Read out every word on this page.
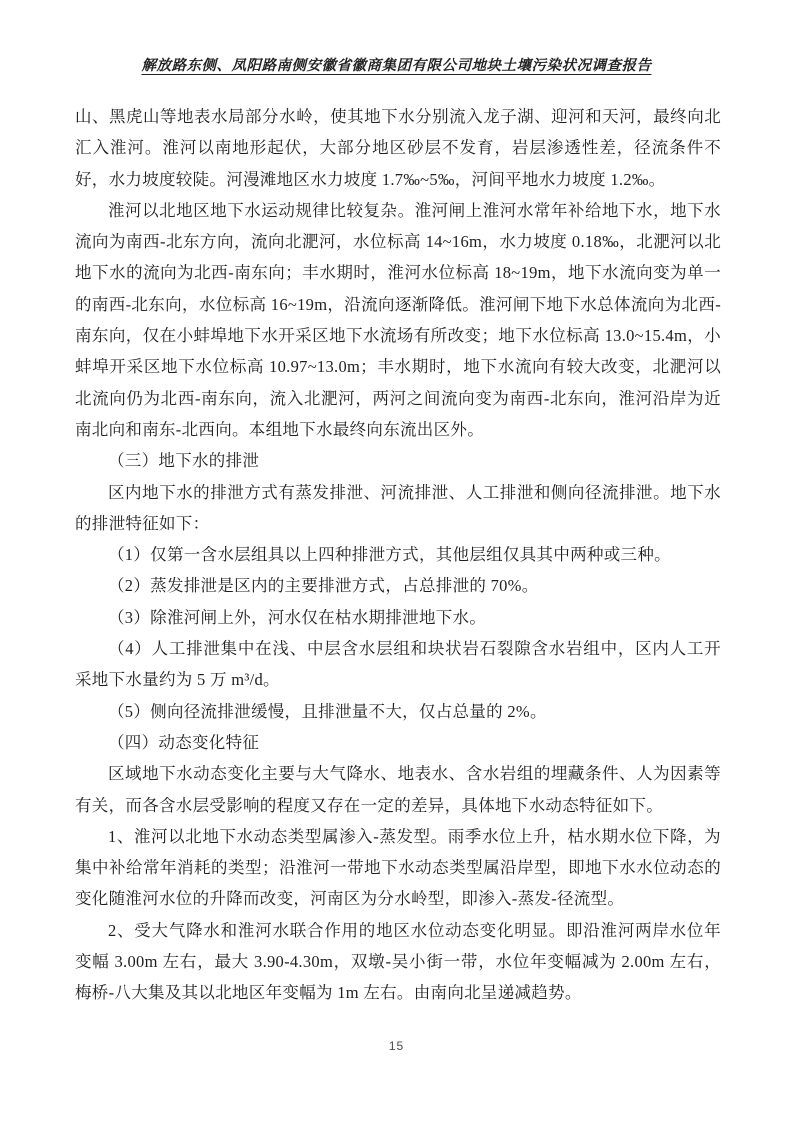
解放路东侧、凤阳路南侧安徽省徽商集团有限公司地块土壤污染状况调查报告

山、黑虎山等地表水局部分水岭，使其地下水分别流入龙子湖、迎河和天河，最终向北汇入淮河。淮河以南地形起伏，大部分地区砂层不发育，岩层渗透性差，径流条件不好，水力坡度较陡。河漫滩地区水力坡度 1.7‰~5‰，河间平地水力坡度 1.2‰。

淮河以北地区地下水运动规律比较复杂。淮河闸上淮河水常年补给地下水，地下水流向为南西-北东方向，流向北淝河，水位标高 14~16m，水力坡度 0.18‰，北淝河以北地下水的流向为北西-南东向；丰水期时，淮河水位标高 18~19m，地下水流向变为单一的南西-北东向，水位标高 16~19m，沿流向逐渐降低。淮河闸下地下水总体流向为北西-南东向，仅在小蚌埠地下水开采区地下水流场有所改变；地下水位标高 13.0~15.4m，小蚌埠开采区地下水位标高 10.97~13.0m；丰水期时，地下水流向有较大改变，北淝河以北流向仍为北西-南东向，流入北淝河，两河之间流向变为南西-北东向，淮河沿岸为近南北向和南东-北西向。本组地下水最终向东流出区外。

（三）地下水的排泄

区内地下水的排泄方式有蒸发排泄、河流排泄、人工排泄和侧向径流排泄。地下水的排泄特征如下：

（1）仅第一含水层组具以上四种排泄方式，其他层组仅具其中两种或三种。

（2）蒸发排泄是区内的主要排泄方式，占总排泄的 70%。

（3）除淮河闸上外，河水仅在枯水期排泄地下水。

（4）人工排泄集中在浅、中层含水层组和块状岩石裂隙含水岩组中，区内人工开采地下水量约为 5 万 m³/d。

（5）侧向径流排泄缓慢，且排泄量不大，仅占总量的 2%。

（四）动态变化特征

区域地下水动态变化主要与大气降水、地表水、含水岩组的埋藏条件、人为因素等有关，而各含水层受影响的程度又存在一定的差异，具体地下水动态特征如下。

1、淮河以北地下水动态类型属渗入-蒸发型。雨季水位上升，枯水期水位下降，为集中补给常年消耗的类型；沿淮河一带地下水动态类型属沿岸型，即地下水水位动态的变化随淮河水位的升降而改变，河南区为分水岭型，即渗入-蒸发-径流型。

2、受大气降水和淮河水联合作用的地区水位动态变化明显。即沿淮河两岸水位年变幅 3.00m 左右，最大 3.90-4.30m，双墩-吴小街一带，水位年变幅减为 2.00m 左右，梅桥-八大集及其以北地区年变幅为 1m 左右。由南向北呈递减趋势。

15
